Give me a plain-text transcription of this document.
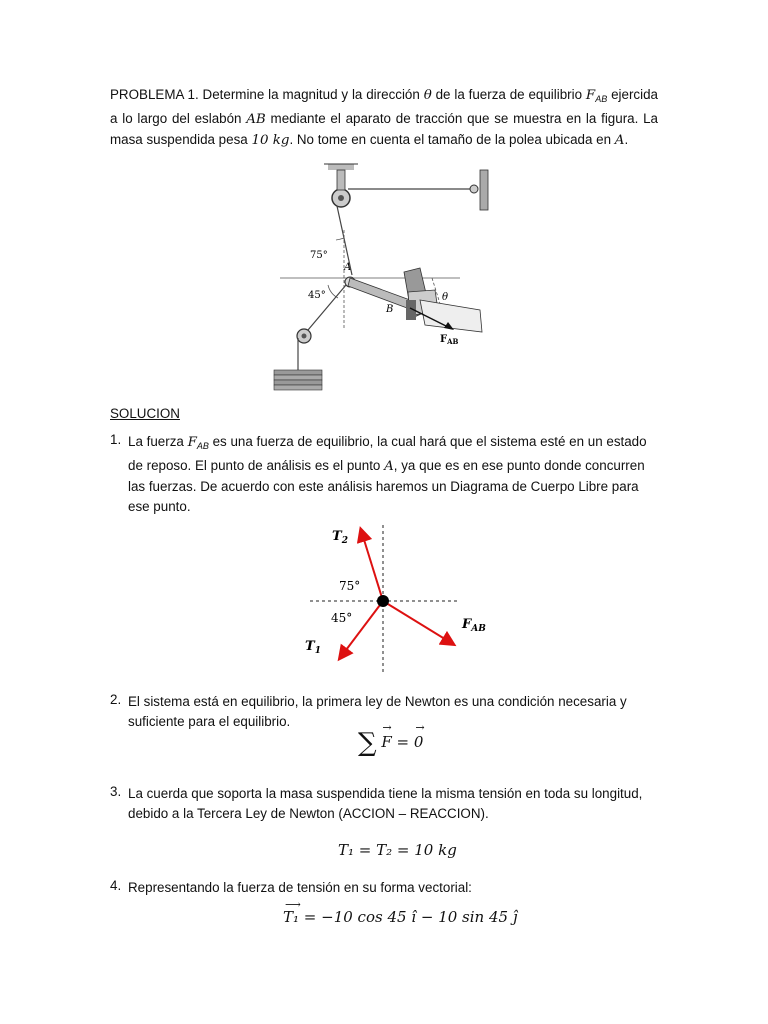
PROBLEMA 1. Determine la magnitud y la dirección θ de la fuerza de equilibrio $F_{AB}$ ejercida a lo largo del eslabón AB mediante el aparato de tracción que se muestra en la figura. La masa suspendida pesa 10 kg. No tome en cuenta el tamaño de la polea ubicada en A.
75°
45°
A
B
θ
$F_{AB}$
SOLUCION
1. La fuerza $F_{AB}$ es una fuerza de equilibrio, la cual hará que el sistema esté en un estado de reposo. El punto de análisis es el punto A, ya que es en ese punto donde concurren las fuerzas. De acuerdo con este análisis haremos un Diagrama de Cuerpo Libre para ese punto.
$T_2$
75°
45°
$T_1$
$F_{AB}$
2. El sistema está en equilibrio, la primera ley de Newton es una condición necesaria y suficiente para el equilibrio.
∑
→ →
F = 0
3. La cuerda que soporta la masa suspendida tiene la misma tensión en toda su longitud, debido a la Tercera Ley de Newton (ACCION – REACCION).
T₁ = T₂ = 10 kg
4. Representando la fuerza de tensión en su forma vectorial:
⟶
T₁ = −10 cos 45 î − 10 sin 45 ĵ
